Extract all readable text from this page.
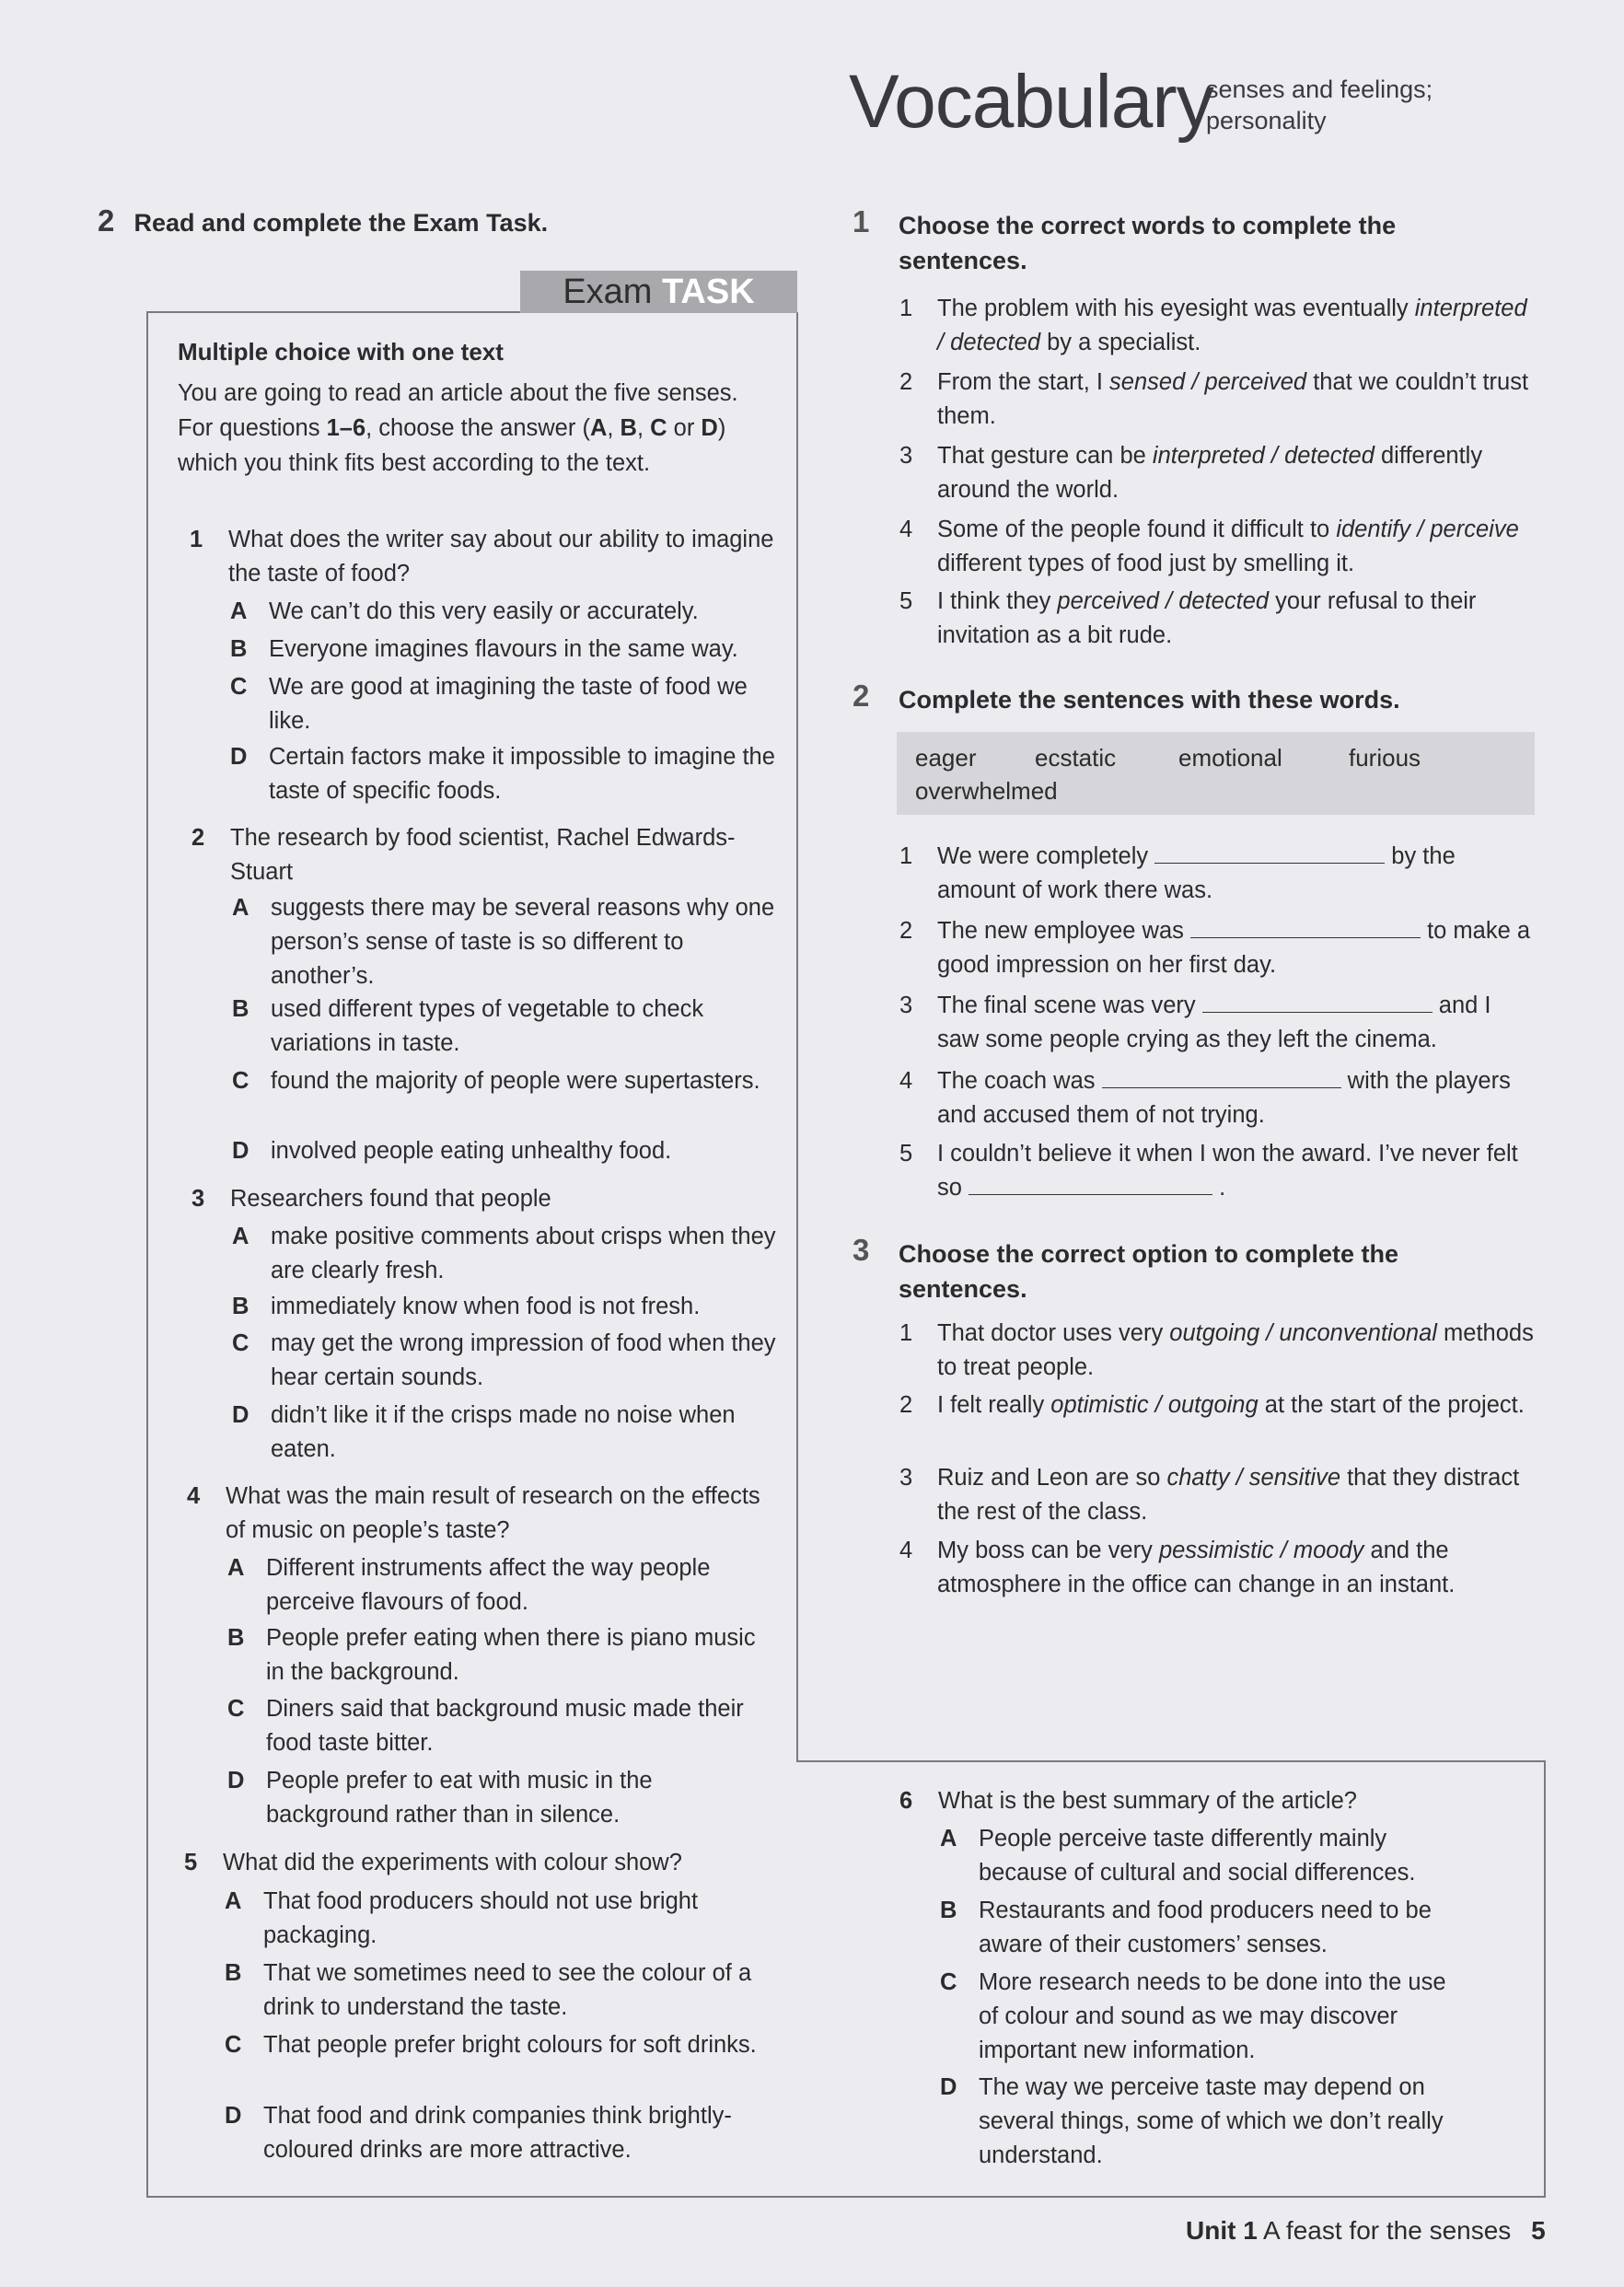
Vocabulary
senses and feelings;
personality
2 Read and complete the Exam Task.
Exam TASK
Multiple choice with one text
You are going to read an article about the five senses. For questions 1–6, choose the answer (A, B, C or D) which you think fits best according to the text.
1 What does the writer say about our ability to imagine the taste of food?
A We can’t do this very easily or accurately.
B Everyone imagines flavours in the same way.
C We are good at imagining the taste of food we like.
D Certain factors make it impossible to imagine the taste of specific foods.
2 The research by food scientist, Rachel Edwards-Stuart
A suggests there may be several reasons why one person’s sense of taste is so different to another’s.
B used different types of vegetable to check variations in taste.
C found the majority of people were supertasters.
D involved people eating unhealthy food.
3 Researchers found that people
A make positive comments about crisps when they are clearly fresh.
B immediately know when food is not fresh.
C may get the wrong impression of food when they hear certain sounds.
D didn’t like it if the crisps made no noise when eaten.
4 What was the main result of research on the effects of music on people’s taste?
A Different instruments affect the way people perceive flavours of food.
B People prefer eating when there is piano music in the background.
C Diners said that background music made their food taste bitter.
D People prefer to eat with music in the background rather than in silence.
5 What did the experiments with colour show?
A That food producers should not use bright packaging.
B That we sometimes need to see the colour of a drink to understand the taste.
C That people prefer bright colours for soft drinks.
D That food and drink companies think brightly-coloured drinks are more attractive.
6 What is the best summary of the article?
A People perceive taste differently mainly because of cultural and social differences.
B Restaurants and food producers need to be aware of their customers’ senses.
C More research needs to be done into the use of colour and sound as we may discover important new information.
D The way we perceive taste may depend on several things, some of which we don’t really understand.
1 Choose the correct words to complete the sentences.
1 The problem with his eyesight was eventually interpreted / detected by a specialist.
2 From the start, I sensed / perceived that we couldn’t trust them.
3 That gesture can be interpreted / detected differently around the world.
4 Some of the people found it difficult to identify / perceive different types of food just by smelling it.
5 I think they perceived / detected your refusal to their invitation as a bit rude.
2 Complete the sentences with these words.
eager ecstatic	emotional	furious
overwhelmed
1 We were completely	by the amount of work there was.
2 The new employee was	to make a good impression on her first day.
3 The final scene was very	and I saw some people crying as they left the cinema.
4 The coach was	with the players and accused them of not trying.
5 I couldn’t believe it when I won the award. I’ve never felt so	.
3 Choose the correct option to complete the sentences.
1 That doctor uses very outgoing / unconventional methods to treat people.
2 I felt really optimistic / outgoing at the start of the project.
3 Ruiz and Leon are so chatty / sensitive that they distract the rest of the class.
4 My boss can be very pessimistic / moody and the atmosphere in the office can change in an instant.
Unit 1 A feast for the senses 5
